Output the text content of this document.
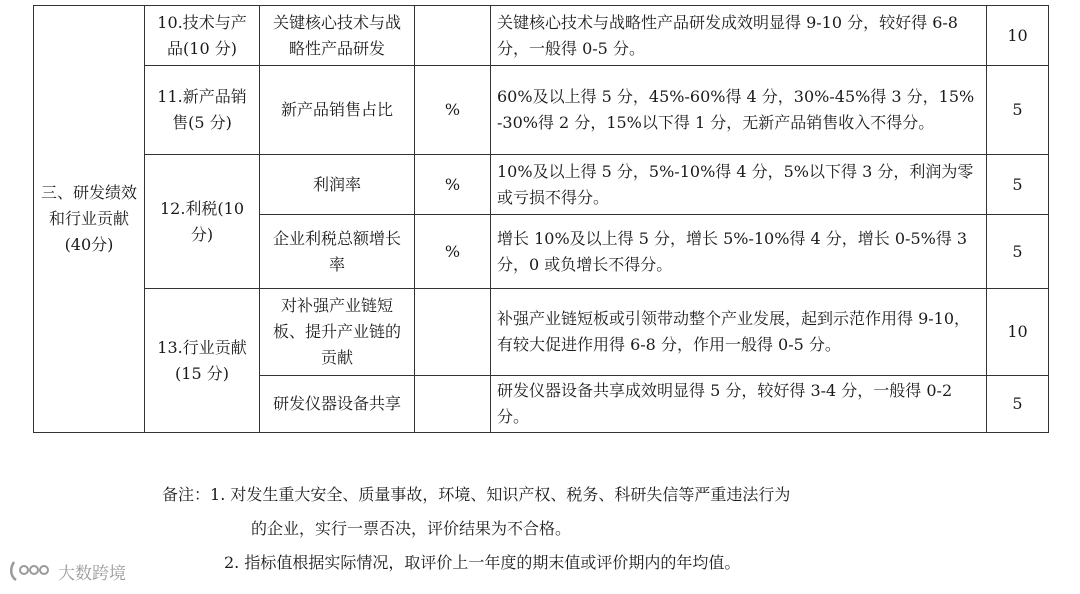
三、研发绩效和行业贡献(40分)	10.技术与产品(10 分)	关键核心技术与战略性产品研发		关键核心技术与战略性产品研发成效明显得 9-10 分，较好得 6-8 分，一般得 0-5 分。	10
	11.新产品销售(5 分)	新产品销售占比	%	60%及以上得 5 分，45%-60%得 4 分，30%-45%得 3 分，15% -30%得 2 分，15%以下得 1 分，无新产品销售收入不得分。	5
	12.利税(10 分)	利润率	%	10%及以上得 5 分，5%-10%得 4 分，5%以下得 3 分，利润为零或亏损不得分。	5
		企业利税总额增长率	%	增长 10%及以上得 5 分，增长 5%-10%得 4 分，增长 0-5%得 3 分，0 或负增长不得分。	5
	13.行业贡献(15 分)	对补强产业链短板、提升产业链的贡献		补强产业链短板或引领带动整个产业发展，起到示范作用得 9-10，有较大促进作用得 6-8 分，作用一般得 0-5 分。	10
		研发仪器设备共享		研发仪器设备共享成效明显得 5 分，较好得 3-4 分，一般得 0-2 分。	5
备注：1. 对发生重大安全、质量事故，环境、知识产权、税务、科研失信等严重违法行为
的企业，实行一票否决，评价结果为不合格。
2. 指标值根据实际情况，取评价上一年度的期末值或评价期内的年均值。
大数跨境
